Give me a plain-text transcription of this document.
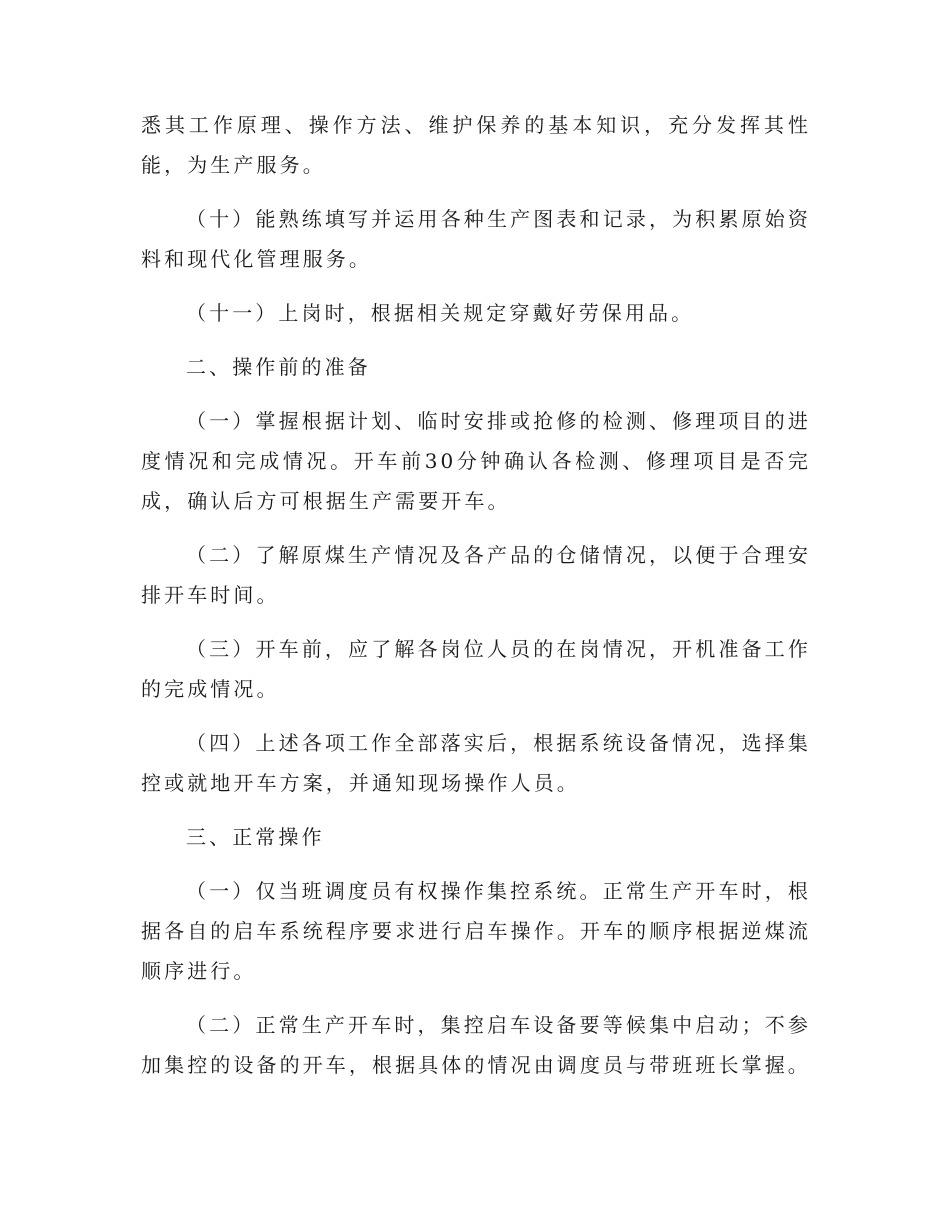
悉其工作原理、操作方法、维护保养的基本知识，充分发挥其性能，为生产服务。

（十）能熟练填写并运用各种生产图表和记录，为积累原始资料和现代化管理服务。

（十一）上岗时，根据相关规定穿戴好劳保用品。

二、操作前的准备

（一）掌握根据计划、临时安排或抢修的检测、修理项目的进度情况和完成情况。开车前30分钟确认各检测、修理项目是否完成，确认后方可根据生产需要开车。

（二）了解原煤生产情况及各产品的仓储情况，以便于合理安排开车时间。

（三）开车前，应了解各岗位人员的在岗情况，开机准备工作的完成情况。

（四）上述各项工作全部落实后，根据系统设备情况，选择集控或就地开车方案，并通知现场操作人员。

三、正常操作

（一）仅当班调度员有权操作集控系统。正常生产开车时，根据各自的启车系统程序要求进行启车操作。开车的顺序根据逆煤流顺序进行。

（二）正常生产开车时，集控启车设备要等候集中启动；不参加集控的设备的开车，根据具体的情况由调度员与带班班长掌握。
